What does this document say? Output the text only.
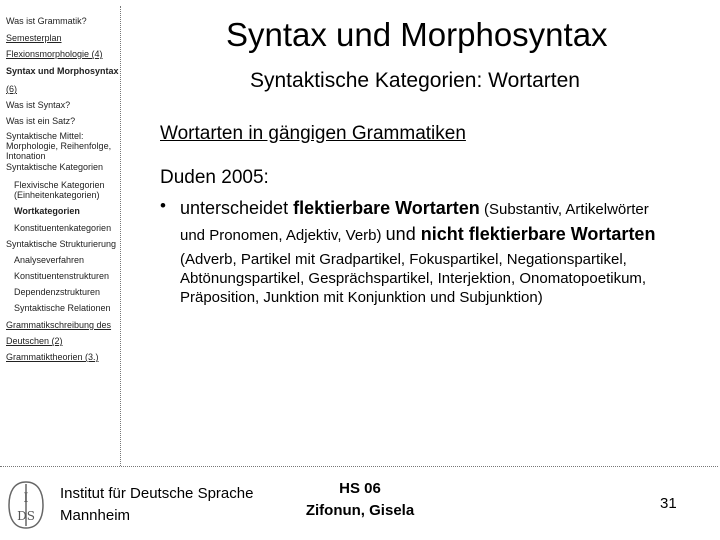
Was ist Grammatik?
Semesterplan
Flexionsmorphologie (4)
Syntax und Morphosyntax
(6)
Was ist Syntax?
Was ist ein Satz?
Syntaktische Mittel: Morphologie, Reihenfolge, Intonation
Syntaktische Kategorien
Flexivische Kategorien (Einheitenkategorien)
Wortkategorien
Konstituentenkategorien
Syntaktische Strukturierung
Analyseverfahren
Konstituentenstrukturen
Dependenzstrukturen
Syntaktische Relationen
Grammatikschreibung des
Deutschen (2)
Grammatiktheorien (3.)
Syntax und Morphosyntax
Syntaktische Kategorien: Wortarten
Wortarten in gängigen Grammatiken
Duden 2005:
• unterscheidet flektierbare Wortarten (Substantiv, Artikelwörter
und Pronomen, Adjektiv, Verb) und nicht flektierbare Wortarten
(Adverb, Partikel mit Gradpartikel, Fokuspartikel, Negationspartikel,
Abtönungspartikel, Gesprächspartikel, Interjektion, Onomatopoetikum,
Präposition, Junktion mit Konjunktion und Subjunktion)
I
DS
Institut für Deutsche Sprache
Mannheim
HS 06
Zifonun, Gisela	31
